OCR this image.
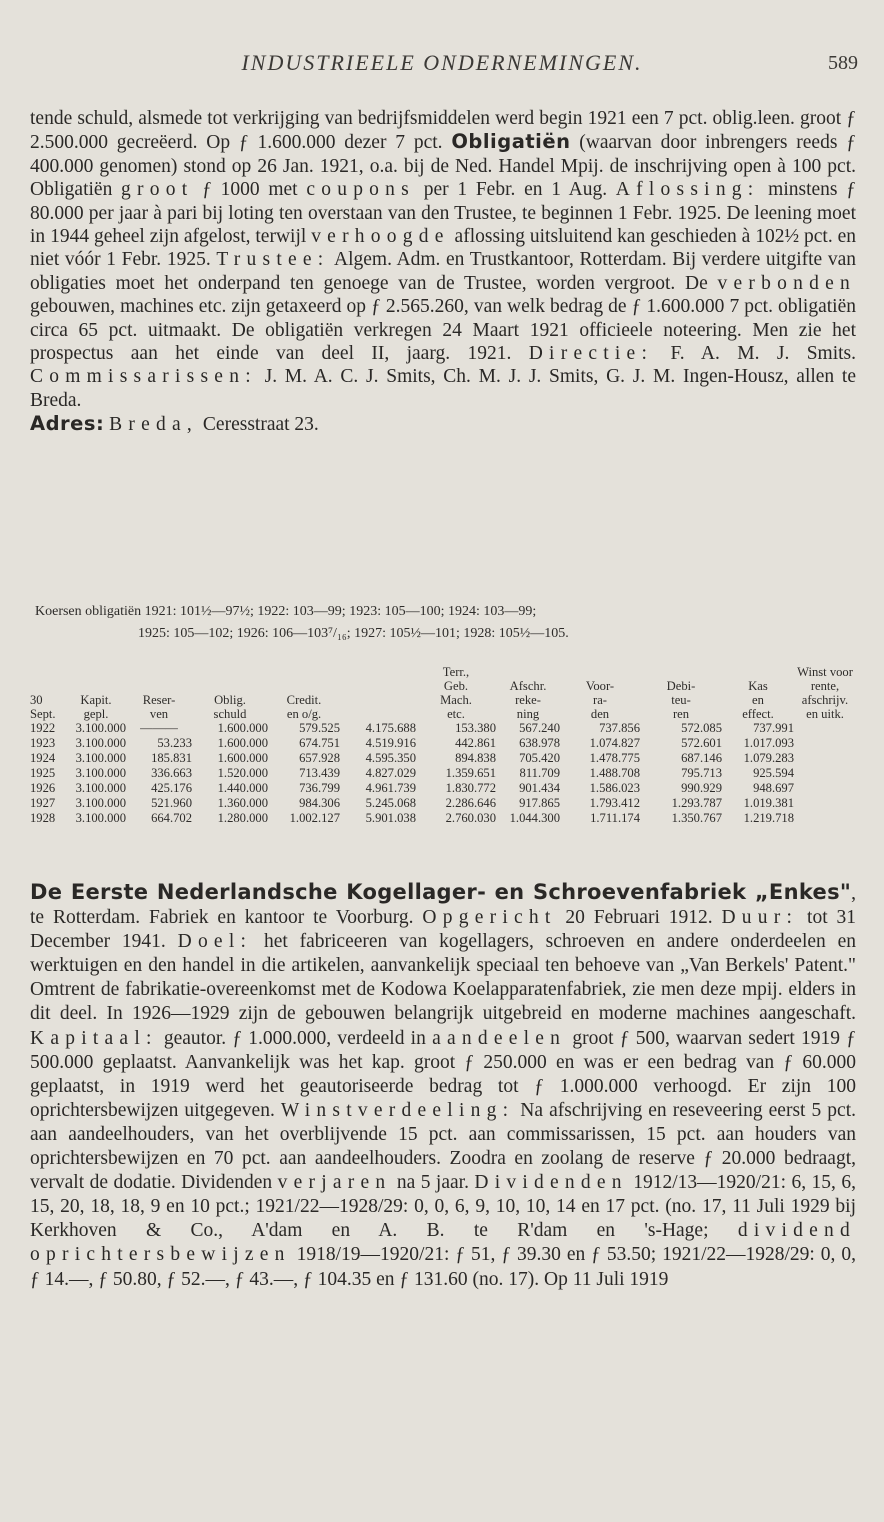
INDUSTRIEELE ONDERNEMINGEN.	589

tende schuld, alsmede tot verkrijging van bedrijfsmiddelen werd begin 1921 een 7 pct. oblig.leen. groot ƒ 2.500.000 gecreëerd. Op ƒ 1.600.000 dezer 7 pct. Obligatiën (waarvan door inbrengers reeds ƒ 400.000 genomen) stond op 26 Jan. 1921, o.a. bij de Ned. Handel Mpij. de inschrijving open à 100 pct. Obligatiën groot ƒ 1000 met coupons per 1 Febr. en 1 Aug. Aflossing: minstens ƒ 80.000 per jaar à pari bij loting ten overstaan van den Trustee, te beginnen 1 Febr. 1925. De leening moet in 1944 geheel zijn afgelost, terwijl verhoogde aflossing uitsluitend kan geschieden à 102½ pct. en niet vóór 1 Febr. 1925. Trustee: Algem. Adm. en Trustkantoor, Rotterdam. Bij verdere uitgifte van obligaties moet het onderpand ten genoege van de Trustee, worden vergroot. De verbonden gebouwen, machines etc. zijn getaxeerd op ƒ 2.565.260, van welk bedrag de ƒ 1.600.000 7 pct. obligatiën circa 65 pct. uitmaakt. De obligatiën verkregen 24 Maart 1921 officieele noteering. Men zie het prospectus aan het einde van deel II, jaarg. 1921. Directie: F. A. M. J. Smits. Commissarissen: J. M. A. C. J. Smits, Ch. M. J. J. Smits, G. J. M. Ingen-Housz, allen te Breda.

Adres: Breda, Ceresstraat 23.

Koersen obligatiën 1921: 101½—97½; 1922: 103—99; 1923: 105—100; 1924: 103—99;
1925: 105—102; 1926: 106—103⁷/₁₆; 1927: 105½—101; 1928: 105½—105.
						Terr.,					Winst voor
						Geb.	Afschr.	Voor-	Debi-	Kas	rente,
30	Kapit.	Reser-	Oblig.	Credit.		Mach.	reke-	ra-	teu-	en	afschrijv.
Sept.	gepl.	ven	schuld	en o/g.		etc.	ning	den	ren	effect.	en uitk.
1922	3.100.000	———	1.600.000	579.525	4.175.688	153.380	567.240	737.856	572.085	737.991	
1923	3.100.000	53.233	1.600.000	674.751	4.519.916	442.861	638.978	1.074.827	572.601	1.017.093	
1924	3.100.000	185.831	1.600.000	657.928	4.595.350	894.838	705.420	1.478.775	687.146	1.079.283	
1925	3.100.000	336.663	1.520.000	713.439	4.827.029	1.359.651	811.709	1.488.708	795.713	925.594	
1926	3.100.000	425.176	1.440.000	736.799	4.961.739	1.830.772	901.434	1.586.023	990.929	948.697	
1927	3.100.000	521.960	1.360.000	984.306	5.245.068	2.286.646	917.865	1.793.412	1.293.787	1.019.381	
1928	3.100.000	664.702	1.280.000	1.002.127	5.901.038	2.760.030	1.044.300	1.711.174	1.350.767	1.219.718	

De Eerste Nederlandsche Kogellager- en Schroevenfabriek „Enkes", te Rotterdam. Fabriek en kantoor te Voorburg. Opgericht 20 Februari 1912. Duur: tot 31 December 1941. Doel: het fabriceeren van kogellagers, schroeven en andere onderdeelen en werktuigen en den handel in die artikelen, aanvankelijk speciaal ten behoeve van „Van Berkels' Patent." Omtrent de fabrikatie-overeenkomst met de Kodowa Koelapparatenfabriek, zie men deze mpij. elders in dit deel. In 1926—1929 zijn de gebouwen belangrijk uitgebreid en moderne machines aangeschaft. Kapitaal: geautor. ƒ 1.000.000, verdeeld in aandeelen groot ƒ 500, waarvan sedert 1919 ƒ 500.000 geplaatst. Aanvankelijk was het kap. groot ƒ 250.000 en was er een bedrag van ƒ 60.000 geplaatst, in 1919 werd het geautoriseerde bedrag tot ƒ 1.000.000 verhoogd. Er zijn 100 oprichtersbewijzen uitgegeven. Winstverdeeling: Na afschrijving en reseveering eerst 5 pct. aan aandeelhouders, van het overblijvende 15 pct. aan commissarissen, 15 pct. aan houders van oprichtersbewijzen en 70 pct. aan aandeelhouders. Zoodra en zoolang de reserve ƒ 20.000 bedraagt, vervalt de dodatie. Dividenden verjaren na 5 jaar. Dividenden 1912/13—1920/21: 6, 15, 6, 15, 20, 18, 18, 9 en 10 pct.; 1921/22—1928/29: 0, 0, 6, 9, 10, 10, 14 en 17 pct. (no. 17, 11 Juli 1929 bij Kerkhoven & Co., A'dam en A. B. te R'dam en 's-Hage; dividend oprichtersbewijzen 1918/19—1920/21: ƒ 51, ƒ 39.30 en ƒ 53.50; 1921/22—1928/29: 0, 0, ƒ 14.—, ƒ 50.80, ƒ 52.—, ƒ 43.—, ƒ 104.35 en ƒ 131.60 (no. 17). Op 11 Juli 1919
